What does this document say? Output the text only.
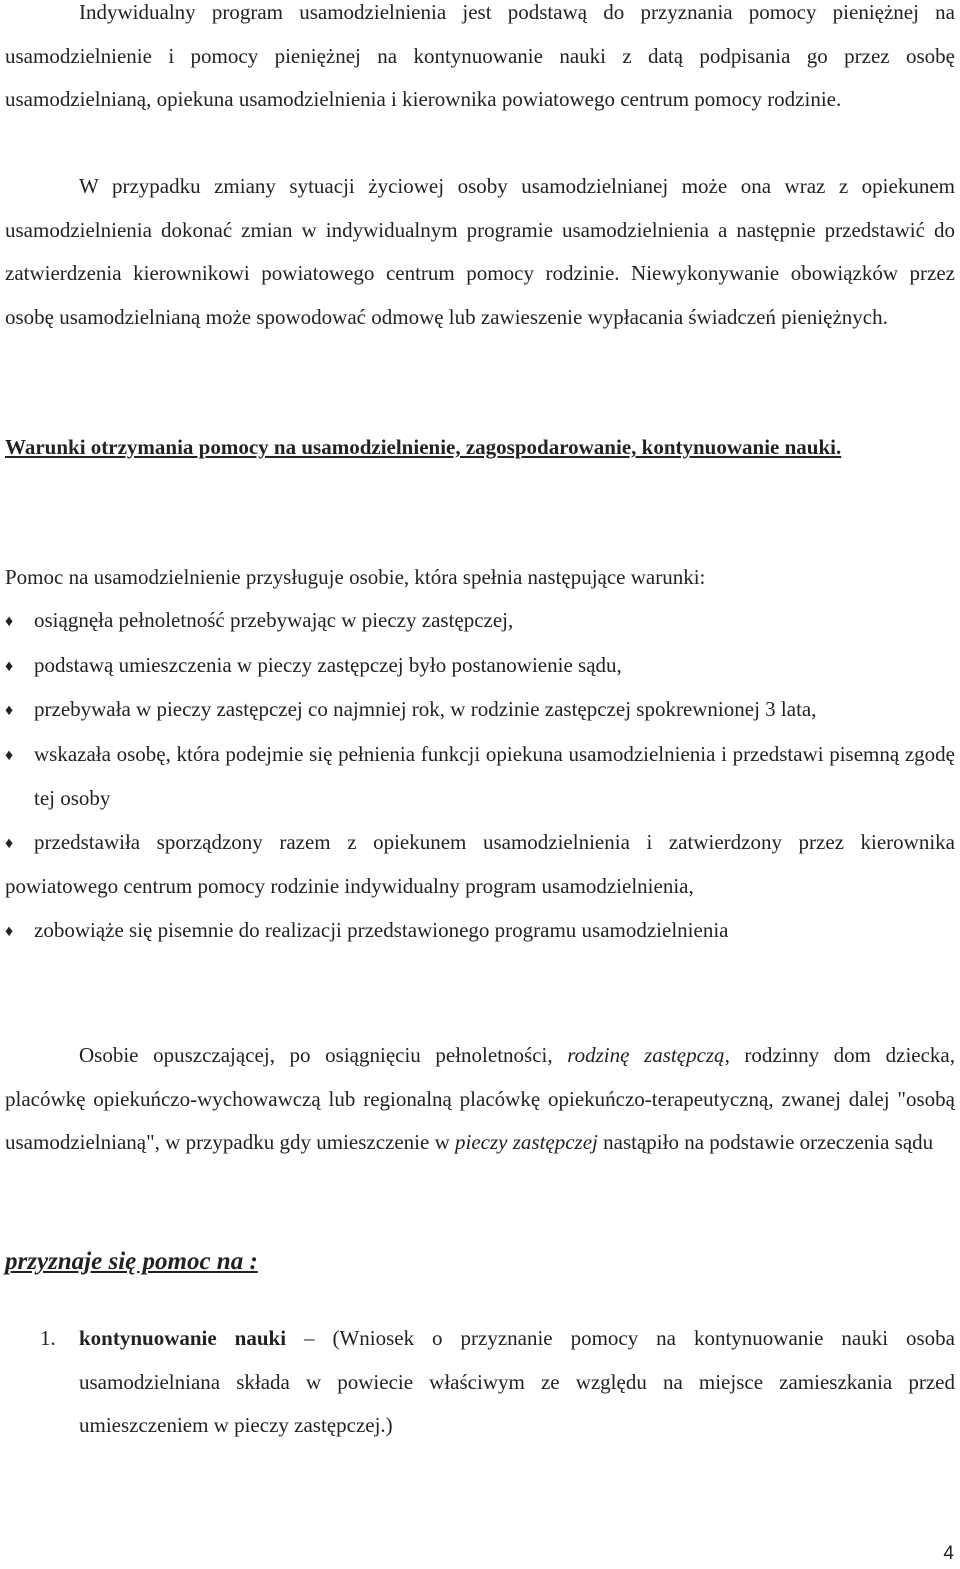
Indywidualny program usamodzielnienia jest podstawą do przyznania pomocy pieniężnej na usamodzielnienie i pomocy pieniężnej na kontynuowanie nauki z datą podpisania go przez osobę usamodzielnianą, opiekuna usamodzielnienia i kierownika powiatowego centrum pomocy rodzinie.

W przypadku zmiany sytuacji życiowej osoby usamodzielnianej może ona wraz z opiekunem usamodzielnienia dokonać zmian w indywidualnym programie usamodzielnienia a następnie przedstawić do zatwierdzenia kierownikowi powiatowego centrum pomocy rodzinie. Niewykonywanie obowiązków przez osobę usamodzielnianą może spowodować odmowę lub zawieszenie wypłacania świadczeń pieniężnych.

Warunki otrzymania pomocy na usamodzielnienie, zagospodarowanie, kontynuowanie nauki.

Pomoc na usamodzielnienie przysługuje osobie, która spełnia następujące warunki:

♦ osiągnęła pełnoletność przebywając w pieczy zastępczej,
♦ podstawą umieszczenia w pieczy zastępczej było postanowienie sądu,
♦ przebywała w pieczy zastępczej co najmniej rok, w rodzinie zastępczej spokrewnionej 3 lata,
♦ wskazała osobę, która podejmie się pełnienia funkcji opiekuna usamodzielnienia i przedstawi pisemną zgodę tej osoby
♦ przedstawiła sporządzony razem z opiekunem usamodzielnienia i zatwierdzony przez kierownika powiatowego centrum pomocy rodzinie indywidualny program usamodzielnienia,
♦ zobowiąże się pisemnie do realizacji przedstawionego programu usamodzielnienia

Osobie opuszczającej, po osiągnięciu pełnoletności, rodzinę zastępczą, rodzinny dom dziecka, placówkę opiekuńczo-wychowawczą lub regionalną placówkę opiekuńczo-terapeutyczną, zwanej dalej "osobą usamodzielnianą", w przypadku gdy umieszczenie w pieczy zastępczej nastąpiło na podstawie orzeczenia sądu

przyznaje się pomoc na :

1. kontynuowanie nauki – (Wniosek o przyznanie pomocy na kontynuowanie nauki osoba usamodzielniana składa w powiecie właściwym ze względu na miejsce zamieszkania przed umieszczeniem w pieczy zastępczej.)
4
